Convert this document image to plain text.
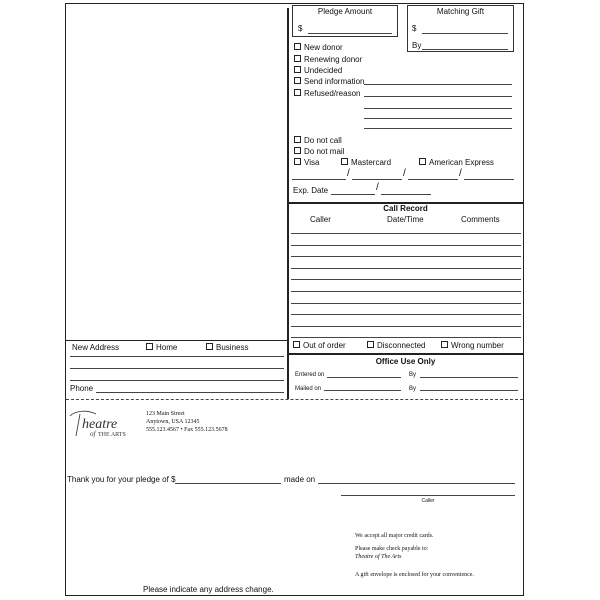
Pledge Amount
$
Matching Gift
$
By
New donor
Renewing donor
Undecided
Send information
Refused/reason
Do not call
Do not mail
Visa	Mastercard	American Express
/	/	/
Exp. Date	/
Call Record
Caller	Date/Time	Comments
Out of order	Disconnected	Wrong number
Office Use Only
Entered on	By
Mailed on	By
New Address	Home	Business
Phone
heatre
of THE ARTS
123 Main Street
Anytown, USA 12345
555.123.4567 • Fax 555.123.5678
Thank you for your pledge of $	made on
Caller
We accept all major credit cards.
Please make check payable to:
Theatre of The Arts
A gift envelope is enclosed for your convenience.
Please indicate any address change.
